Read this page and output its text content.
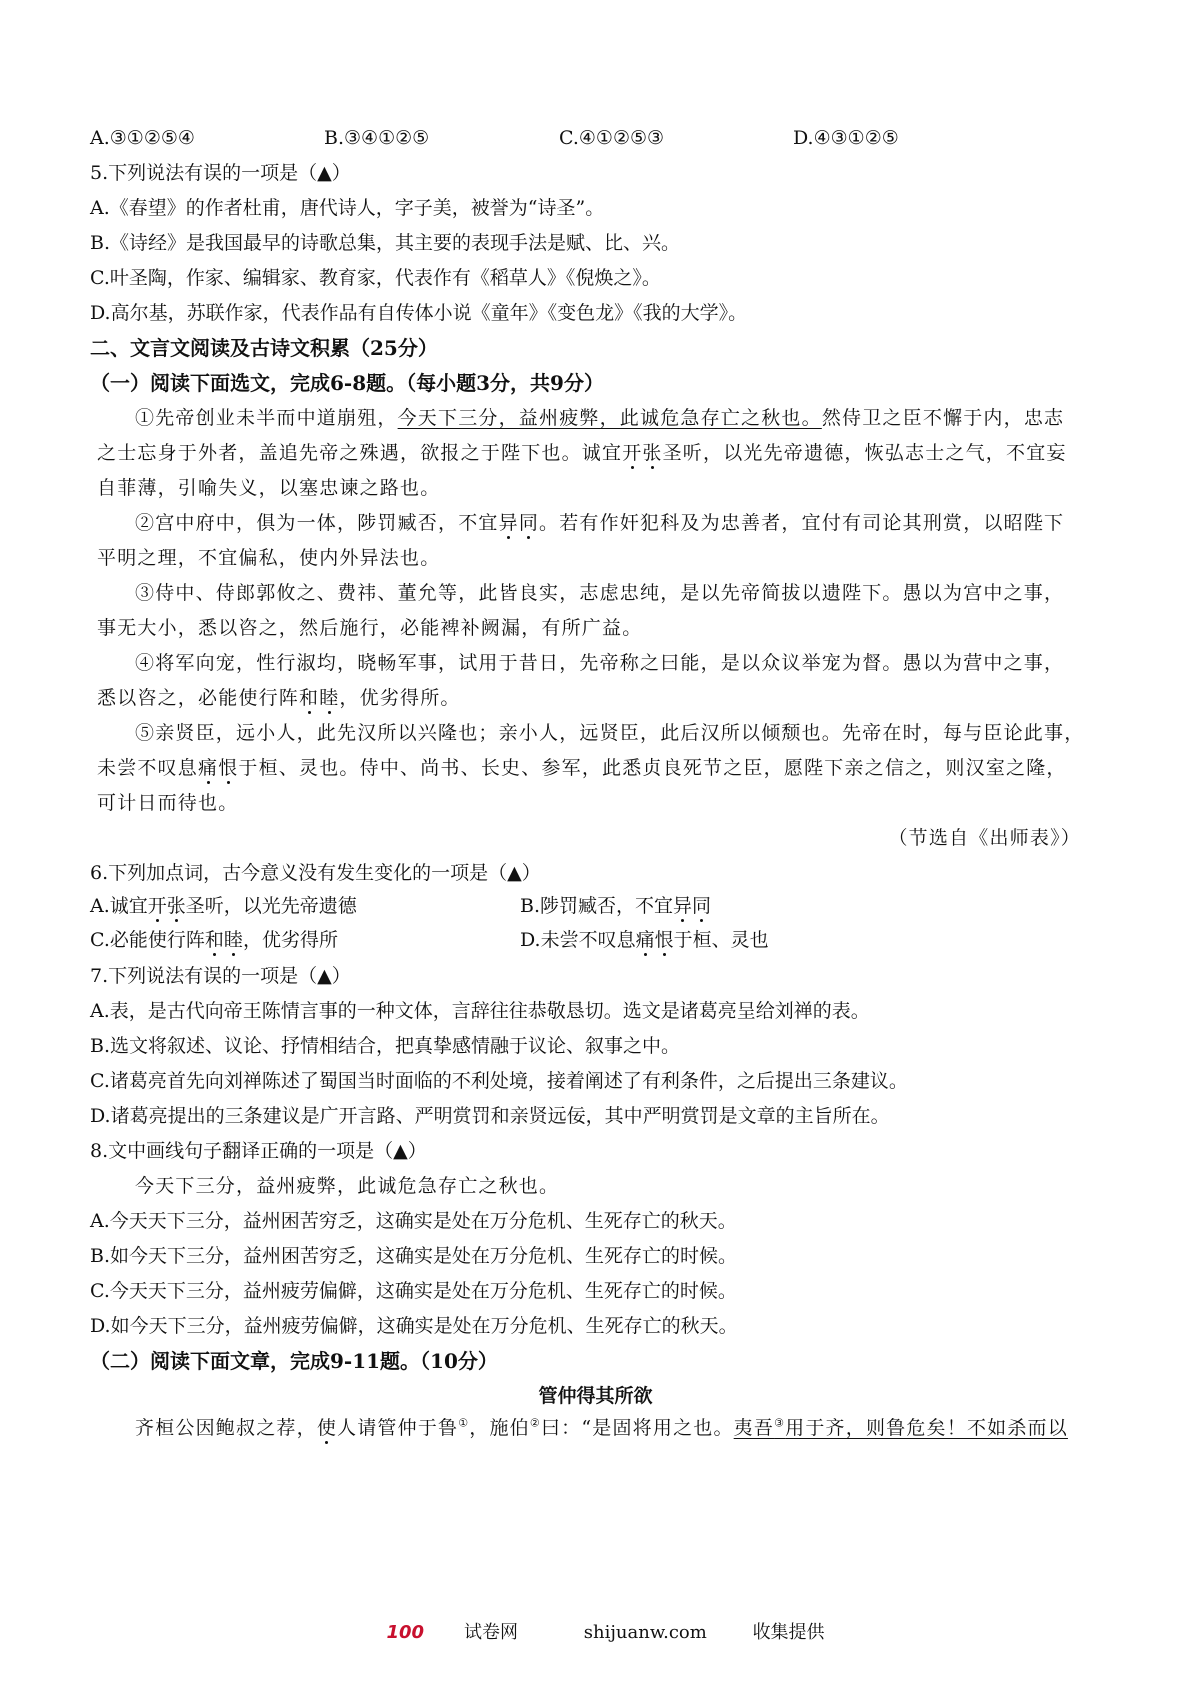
A.③①②⑤④	B.③④①②⑤	C.④①②⑤③	D.④③①②⑤
5.下列说法有误的一项是（▲）
A.《春望》的作者杜甫，唐代诗人，字子美，被誉为“诗圣”。
B.《诗经》是我国最早的诗歌总集，其主要的表现手法是赋、比、兴。
C.叶圣陶，作家、编辑家、教育家，代表作有《稻草人》《倪焕之》。
D.高尔基，苏联作家，代表作品有自传体小说《童年》《变色龙》《我的大学》。
二、文言文阅读及古诗文积累（25分）
（一）阅读下面选文，完成6-8题。（每小题3分，共9分）
①先帝创业未半而中道崩殂，今天下三分，益州疲弊，此诚危急存亡之秋也。然侍卫之臣不懈于内，忠志
之士忘身于外者，盖追先帝之殊遇，欲报之于陛下也。诚宜开张圣听，以光先帝遗德，恢弘志士之气，不宜妄
自菲薄，引喻失义，以塞忠谏之路也。
②宫中府中，俱为一体，陟罚臧否，不宜异同。若有作奸犯科及为忠善者，宜付有司论其刑赏，以昭陛下
平明之理，不宜偏私，使内外异法也。
③侍中、侍郎郭攸之、费祎、董允等，此皆良实，志虑忠纯，是以先帝简拔以遗陛下。愚以为宫中之事，
事无大小，悉以咨之，然后施行，必能裨补阙漏，有所广益。
④将军向宠，性行淑均，晓畅军事，试用于昔日，先帝称之曰能，是以众议举宠为督。愚以为营中之事，
悉以咨之，必能使行阵和睦，优劣得所。
⑤亲贤臣，远小人，此先汉所以兴隆也；亲小人，远贤臣，此后汉所以倾颓也。先帝在时，每与臣论此事，
未尝不叹息痛恨于桓、灵也。侍中、尚书、长史、参军，此悉贞良死节之臣，愿陛下亲之信之，则汉室之隆，
可计日而待也。
（节选自《出师表》）
6.下列加点词，古今意义没有发生变化的一项是（▲）
A.诚宜开张圣听，以光先帝遗德	B.陟罚臧否，不宜异同
C.必能使行阵和睦，优劣得所	D.未尝不叹息痛恨于桓、灵也
7.下列说法有误的一项是（▲）
A.表，是古代向帝王陈情言事的一种文体，言辞往往恭敬恳切。选文是诸葛亮呈给刘禅的表。
B.选文将叙述、议论、抒情相结合，把真挚感情融于议论、叙事之中。
C.诸葛亮首先向刘禅陈述了蜀国当时面临的不利处境，接着阐述了有利条件，之后提出三条建议。
D.诸葛亮提出的三条建议是广开言路、严明赏罚和亲贤远佞，其中严明赏罚是文章的主旨所在。
8.文中画线句子翻译正确的一项是（▲）
今天下三分，益州疲弊，此诚危急存亡之秋也。
A.今天天下三分，益州困苦穷乏，这确实是处在万分危机、生死存亡的秋天。
B.如今天下三分，益州困苦穷乏，这确实是处在万分危机、生死存亡的时候。
C.今天天下三分，益州疲劳偏僻，这确实是处在万分危机、生死存亡的时候。
D.如今天下三分，益州疲劳偏僻，这确实是处在万分危机、生死存亡的秋天。
（二）阅读下面文章，完成9-11题。（10分）
管仲得其所欲
齐桓公因鲍叔之荐，使人请管仲于鲁①，施伯②曰：“是固将用之也。夷吾③用于齐，则鲁危矣！不如杀而以
100 试卷网	shijuanw.com	收集提供
